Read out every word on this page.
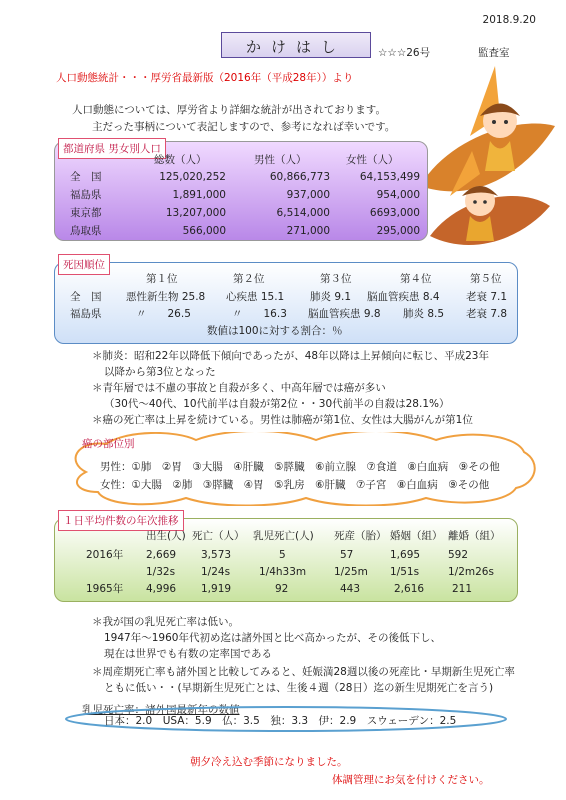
2018.9.20
かけはし	☆☆☆26号	監査室
人口動態統計・・・厚労省最新版（2016年（平成28年））より
人口動態については、厚労省より詳細な統計が出されております。
主だった事柄について表記しますので、参考になれば幸いです。
都道府県 男女別人口
総数（人）	男性（人）	女性（人）
全　国	125,020,252	60,866,773	64,153,499
福島県	1,891,000	937,000	954,000
東京都	13,207,000	6,514,000	6693,000
鳥取県	566,000	271,000	295,000
死因順位
第１位	第２位	第３位	第４位	第５位
全　国 悪性新生物 25.8 心疾患 15.1 肺炎 9.1 脳血管疾患 8.4	老衰 7.1
福島県	〃　　26.5	〃　　16.3 脳血管疾患 9.8 肺炎 8.5 老衰 7.8
数値は100に対する割合：％
＊肺炎：昭和22年以降低下傾向であったが、48年以降は上昇傾向に転じ、平成23年
以降から第3位となった
＊青年層では不慮の事故と自殺が多く、中高年層では癌が多い
（30代～40代、10代前半は自殺が第2位・・30代前半の自殺は28.1%）
＊癌の死亡率は上昇を続けている。男性は肺癌が第1位、女性は大腸がんが第1位
癌の部位別
男性：①肺　②胃　③大腸　④肝臓　⑤膵臓　⑥前立腺　⑦食道　⑧白血病　⑨その他
女性：①大腸　②肺　③膵臓　④胃　⑤乳房　⑥肝臓　⑦子宮　⑧白血病　⑨その他
１日平均件数の年次推移
出生(人) 死亡（人） 乳児死亡(人) 死産（胎） 婚姻（組） 離婚（組）
2016年 2,669 3,573	5	57	1,695	592
1/32s 1/24s	1/4h33m	1/25m 1/51s	1/2m26s
1965年 4,996 1,919	92	443	2,616	211
＊我が国の乳児死亡率は低い。
1947年～1960年代初め迄は諸外国と比べ高かったが、その後低下し、
現在は世界でも有数の定率国である
＊周産期死亡率も諸外国と比較してみると、妊娠満28週以後の死産比・早期新生児死亡率
ともに低い・・(早期新生児死亡とは、生後４週（28日）迄の新生児期死亡を言う)
乳児死亡率：諸外国最新年の数値
日本：2.0　USA：5.9　仏：3.5　独：3.3　伊：2.9　スウェーデン：2.5
朝夕冷え込む季節になりました。
体調管理にお気を付けください。
